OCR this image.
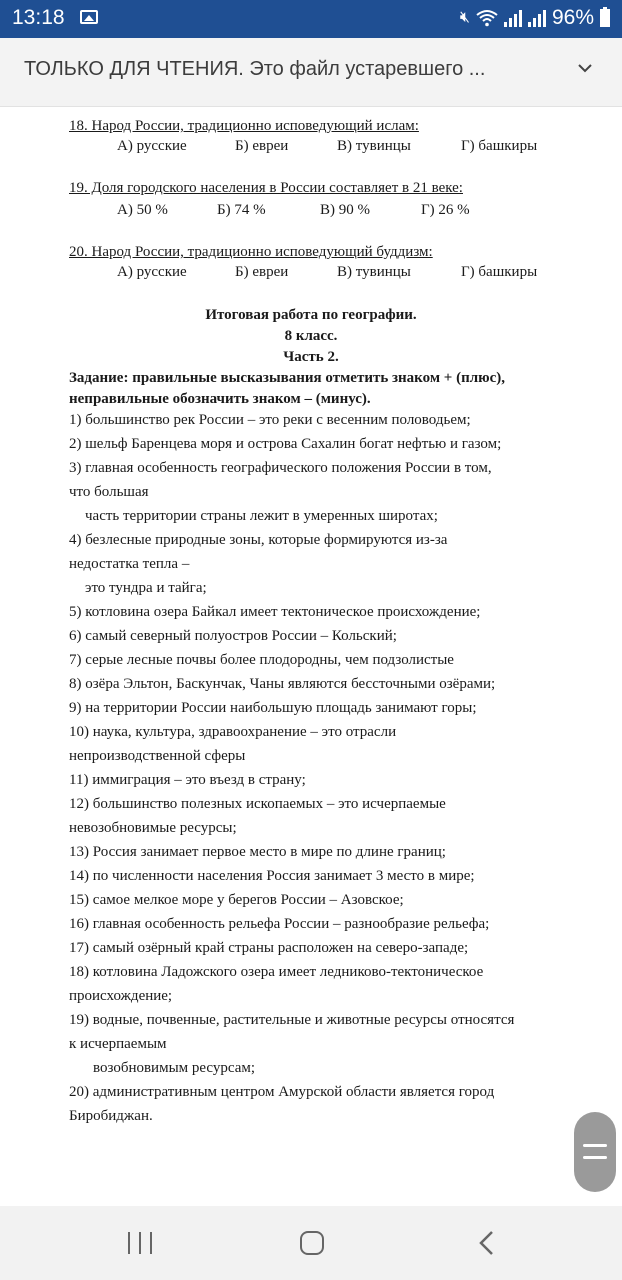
13:18	🔇︎	96%
ТОЛЬКО ДЛЯ ЧТЕНИЯ. Это файл устаревшего ...
18. Народ России, традиционно исповедующий ислам:
А) русские	Б) евреи	В) тувинцы	Г) башкиры
19. Доля городского населения в России составляет в 21 веке:
А) 50 %	Б) 74 %	В) 90 %	Г) 26 %
20. Народ России, традиционно исповедующий буддизм:
А) русские	Б) евреи	В) тувинцы	Г) башкиры
Итоговая работа по географии.
8 класс.
Часть 2.
Задание: правильные высказывания отметить знаком + (плюс),
неправильные обозначить знаком – (минус).
1) большинство рек России – это реки с весенним половодьем;
2) шельф Баренцева моря и острова Сахалин богат нефтью и газом;
3) главная особенность географического положения России в том,
что большая
часть территории страны лежит в умеренных широтах;
4) безлесные природные зоны, которые формируются из-за
недостатка тепла –
это тундра и тайга;
5) котловина озера Байкал имеет тектоническое происхождение;
6) самый северный полуостров России – Кольский;
7) серые лесные почвы более плодородны, чем подзолистые
8) озёра Эльтон, Баскунчак, Чаны являются бессточными озёрами;
9) на территории России наибольшую площадь занимают горы;
10) наука, культура, здравоохранение – это отрасли
непроизводственной сферы
11) иммиграция – это въезд в страну;
12) большинство полезных ископаемых – это исчерпаемые
невозобновимые ресурсы;
13) Россия занимает первое место в мире по длине границ;
14) по численности населения Россия занимает 3 место в мире;
15) самое мелкое море у берегов России – Азовское;
16) главная особенность рельефа России – разнообразие рельефа;
17) самый озёрный край страны расположен на северо-западе;
18) котловина Ладожского озера имеет ледниково-тектоническое
происхождение;
19) водные, почвенные, растительные и животные ресурсы относятся
к исчерпаемым
возобновимым ресурсам;
20) административным центром Амурской области является город
Биробиджан.
